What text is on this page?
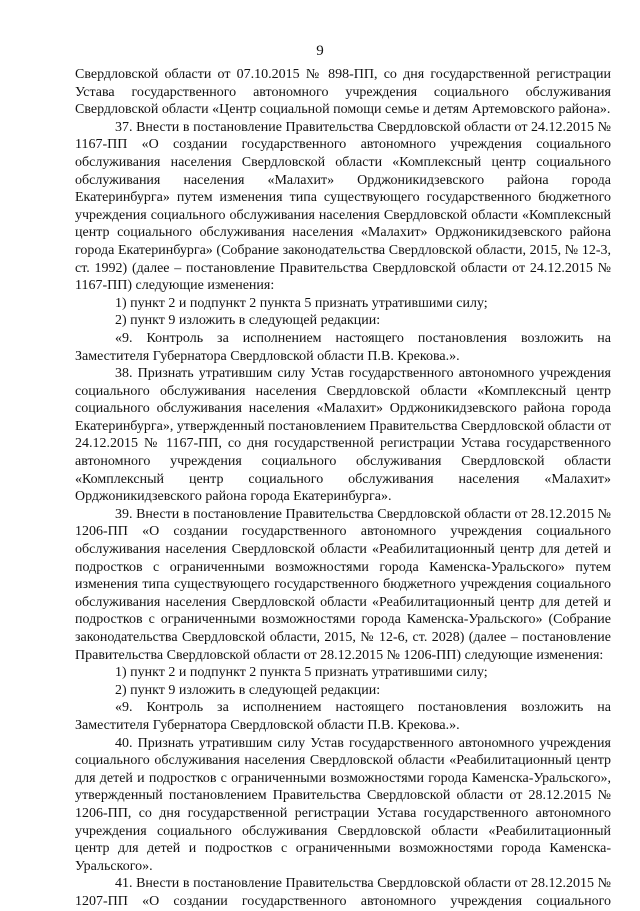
9

Свердловской области от 07.10.2015 № 898-ПП, со дня государственной регистрации Устава государственного автономного учреждения социального обслуживания Свердловской области «Центр социальной помощи семье и детям Артемовского района».

37. Внести в постановление Правительства Свердловской области от 24.12.2015 № 1167-ПП «О создании государственного автономного учреждения социального обслуживания населения Свердловской области «Комплексный центр социального обслуживания населения «Малахит» Орджоникидзевского района города Екатеринбурга» путем изменения типа существующего государственного бюджетного учреждения социального обслуживания населения Свердловской области «Комплексный центр социального обслуживания населения «Малахит» Орджоникидзевского района города Екатеринбурга» (Собрание законодательства Свердловской области, 2015, № 12-3, ст. 1992) (далее – постановление Правительства Свердловской области от 24.12.2015 № 1167-ПП) следующие изменения:

1) пункт 2 и подпункт 2 пункта 5 признать утратившими силу;

2) пункт 9 изложить в следующей редакции:

«9. Контроль за исполнением настоящего постановления возложить на Заместителя Губернатора Свердловской области П.В. Крекова.».

38. Признать утратившим силу Устав государственного автономного учреждения социального обслуживания населения Свердловской области «Комплексный центр социального обслуживания населения «Малахит» Орджоникидзевского района города Екатеринбурга», утвержденный постановлением Правительства Свердловской области от 24.12.2015 № 1167-ПП, со дня государственной регистрации Устава государственного автономного учреждения социального обслуживания Свердловской области «Комплексный центр социального обслуживания населения «Малахит» Орджоникидзевского района города Екатеринбурга».

39. Внести в постановление Правительства Свердловской области от 28.12.2015 № 1206-ПП «О создании государственного автономного учреждения социального обслуживания населения Свердловской области «Реабилитационный центр для детей и подростков с ограниченными возможностями города Каменска-Уральского» путем изменения типа существующего государственного бюджетного учреждения социального обслуживания населения Свердловской области «Реабилитационный центр для детей и подростков с ограниченными возможностями города Каменска-Уральского» (Собрание законодательства Свердловской области, 2015, № 12-6, ст. 2028) (далее – постановление Правительства Свердловской области от 28.12.2015 № 1206-ПП) следующие изменения:

1) пункт 2 и подпункт 2 пункта 5 признать утратившими силу;

2) пункт 9 изложить в следующей редакции:

«9. Контроль за исполнением настоящего постановления возложить на Заместителя Губернатора Свердловской области П.В. Крекова.».

40. Признать утратившим силу Устав государственного автономного учреждения социального обслуживания населения Свердловской области «Реабилитационный центр для детей и подростков с ограниченными возможностями города Каменска-Уральского», утвержденный постановлением Правительства Свердловской области от 28.12.2015 № 1206-ПП, со дня государственной регистрации Устава государственного автономного учреждения социального обслуживания Свердловской области «Реабилитационный центр для детей и подростков с ограниченными возможностями города Каменска-Уральского».

41. Внести в постановление Правительства Свердловской области от 28.12.2015 № 1207-ПП «О создании государственного автономного учреждения социального
